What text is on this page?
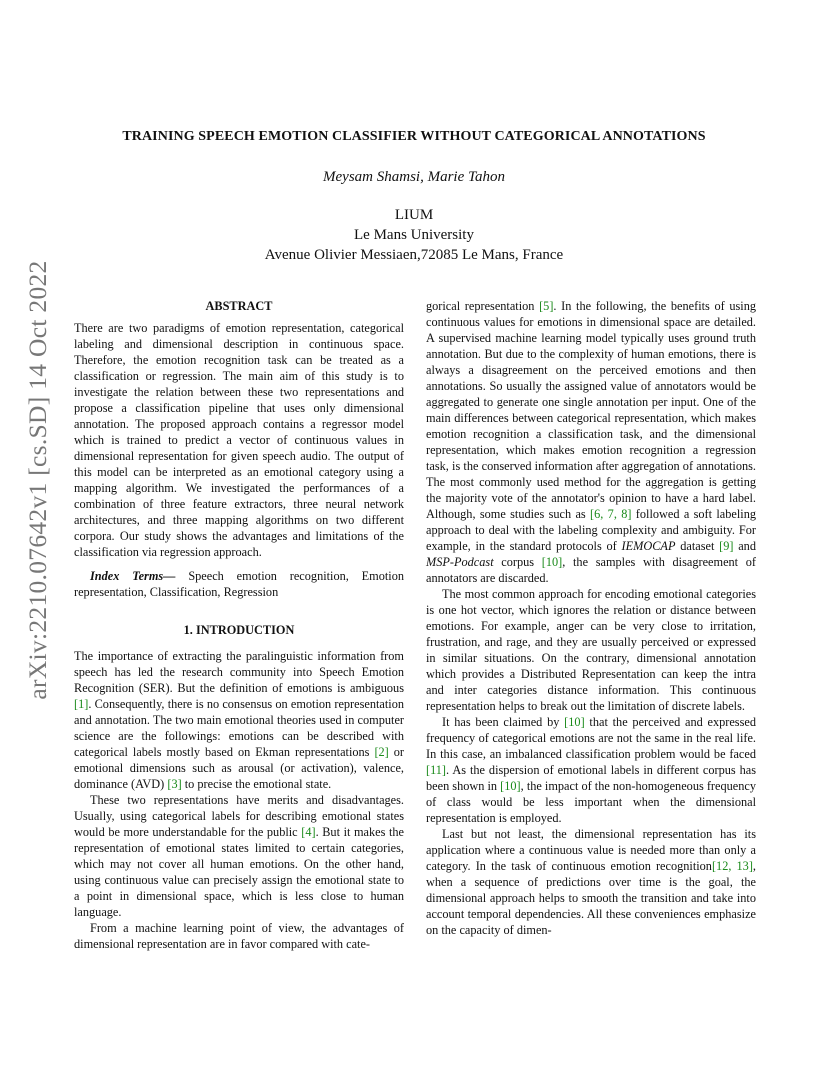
arXiv:2210.07642v1 [cs.SD] 14 Oct 2022
TRAINING SPEECH EMOTION CLASSIFIER WITHOUT CATEGORICAL ANNOTATIONS
Meysam Shamsi, Marie Tahon
LIUM
Le Mans University
Avenue Olivier Messiaen,72085 Le Mans, France
ABSTRACT

There are two paradigms of emotion representation, categorical labeling and dimensional description in continuous space. Therefore, the emotion recognition task can be treated as a classification or regression. The main aim of this study is to investigate the relation between these two representations and propose a classification pipeline that uses only dimensional annotation. The proposed approach contains a regressor model which is trained to predict a vector of continuous values in dimensional representation for given speech audio. The output of this model can be interpreted as an emotional category using a mapping algorithm. We investigated the performances of a combination of three feature extractors, three neural network architectures, and three mapping algorithms on two different corpora. Our study shows the advantages and limitations of the classification via regression approach.

Index Terms— Speech emotion recognition, Emotion representation, Classification, Regression

1. INTRODUCTION

The importance of extracting the paralinguistic information from speech has led the research community into Speech Emotion Recognition (SER). But the definition of emotions is ambiguous [1]. Consequently, there is no consensus on emotion representation and annotation. The two main emotional theories used in computer science are the followings: emotions can be described with categorical labels mostly based on Ekman representations [2] or emotional dimensions such as arousal (or activation), valence, dominance (AVD) [3] to precise the emotional state.

These two representations have merits and disadvantages. Usually, using categorical labels for describing emotional states would be more understandable for the public [4]. But it makes the representation of emotional states limited to certain categories, which may not cover all human emotions. On the other hand, using continuous value can precisely assign the emotional state to a point in dimensional space, which is less close to human language.

From a machine learning point of view, the advantages of dimensional representation are in favor compared with cate-

gorical representation [5]. In the following, the benefits of using continuous values for emotions in dimensional space are detailed. A supervised machine learning model typically uses ground truth annotation. But due to the complexity of human emotions, there is always a disagreement on the perceived emotions and then annotations. So usually the assigned value of annotators would be aggregated to generate one single annotation per input. One of the main differences between categorical representation, which makes emotion recognition a classification task, and the dimensional representation, which makes emotion recognition a regression task, is the conserved information after aggregation of annotations. The most commonly used method for the aggregation is getting the majority vote of the annotator's opinion to have a hard label. Although, some studies such as [6, 7, 8] followed a soft labeling approach to deal with the labeling complexity and ambiguity. For example, in the standard protocols of IEMOCAP dataset [9] and MSP-Podcast corpus [10], the samples with disagreement of annotators are discarded.

The most common approach for encoding emotional categories is one hot vector, which ignores the relation or distance between emotions. For example, anger can be very close to irritation, frustration, and rage, and they are usually perceived or expressed in similar situations. On the contrary, dimensional annotation which provides a Distributed Representation can keep the intra and inter categories distance information. This continuous representation helps to break out the limitation of discrete labels.

It has been claimed by [10] that the perceived and expressed frequency of categorical emotions are not the same in the real life. In this case, an imbalanced classification problem would be faced [11]. As the dispersion of emotional labels in different corpus has been shown in [10], the impact of the non-homogeneous frequency of class would be less important when the dimensional representation is employed.

Last but not least, the dimensional representation has its application where a continuous value is needed more than only a category. In the task of continuous emotion recognition[12, 13], when a sequence of predictions over time is the goal, the dimensional approach helps to smooth the transition and take into account temporal dependencies. All these conveniences emphasize on the capacity of dimen-
